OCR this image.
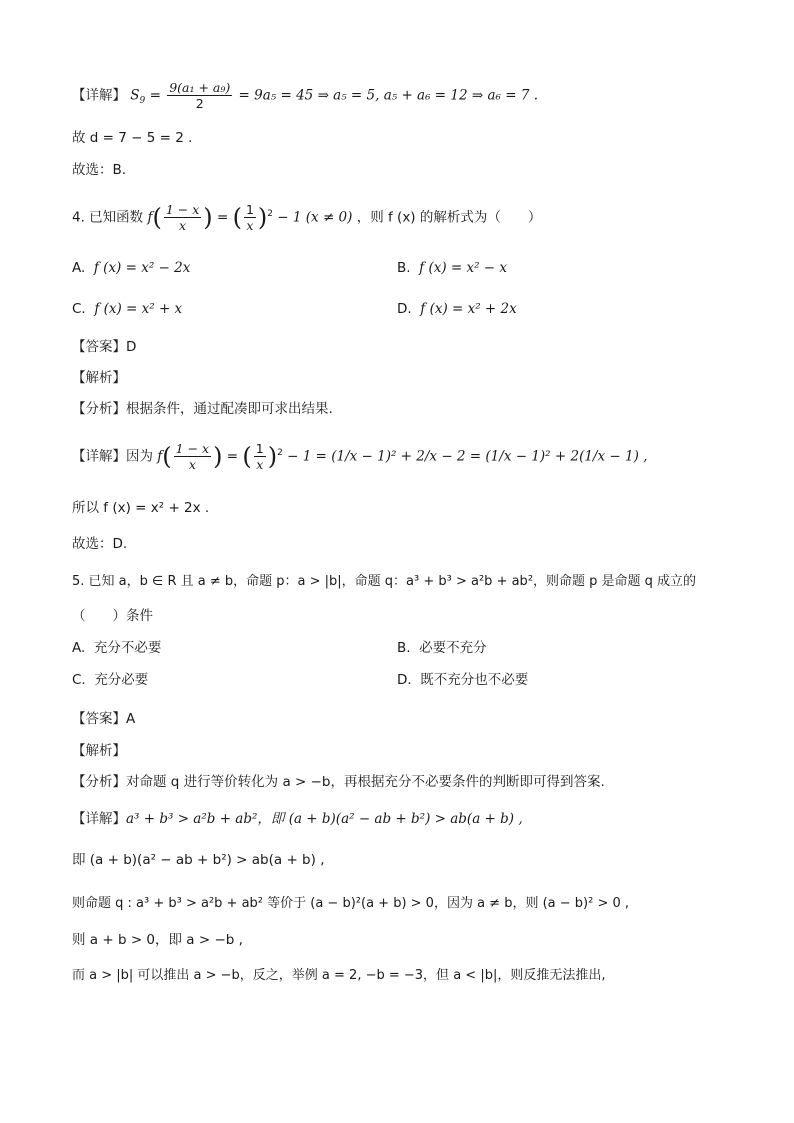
【详解】 $S_9 = \frac{\text{9(a₁ + a₉)}}{2} = 9a_5 = 45$ ⇒ a₅ = 5, a₅ + a₆ = 12 ⇒ a₆ = 7 .
故 d = 7 − 5 = 2 .
故选：B.
4. 已知函数 $f( \frac{1 - x}{x}$ ) = ( $\frac{1}{x} )^2 - 1$ (x ≠ 0) ，则 f (x) 的解析式为（　　）
A. f (x) = x² − 2x	B. f (x) = x² − x
C. f (x) = x² + x	D. f (x) = x² + 2x
【答案】D
【解析】
【分析】根据条件，通过配凑即可求出结果.
【详解】因为 $f( \frac{1 - x}{x}$ ) = ( $\frac{1}{x} )^2 - 1 = (1/x - 1)^2 + 2/x - 2 = (1/x - 1)^2 + 2(1/x - 1)$ ,
所以 f (x) = x² + 2x .
故选：D.
5. 已知 a，b ∈ R 且 a ≠ b，命题 p：a > |b|，命题 q：a³ + b³ > a²b + ab²，则命题 p 是命题 q 成立的
（　　）条件
A. 充分不必要	B. 必要不充分
C. 充分必要	D. 既不充分也不必要
【答案】A
【解析】
【分析】对命题 q 进行等价转化为 a > −b，再根据充分不必要条件的判断即可得到答案.
【详解】a³ + b³ > a²b + ab²，即 (a + b)(a² − ab + b²) > ab(a + b) ,
即 (a + b)(a² − ab + b²) > ab(a + b) ,
则命题 q : a³ + b³ > a²b + ab² 等价于 (a − b)²(a + b) > 0，因为 a ≠ b，则 (a − b)² > 0 ,
则 a + b > 0，即 a > −b ,
而 a > |b| 可以推出 a > −b，反之，举例 a = 2, −b = −3，但 a < |b|，则反推无法推出,
